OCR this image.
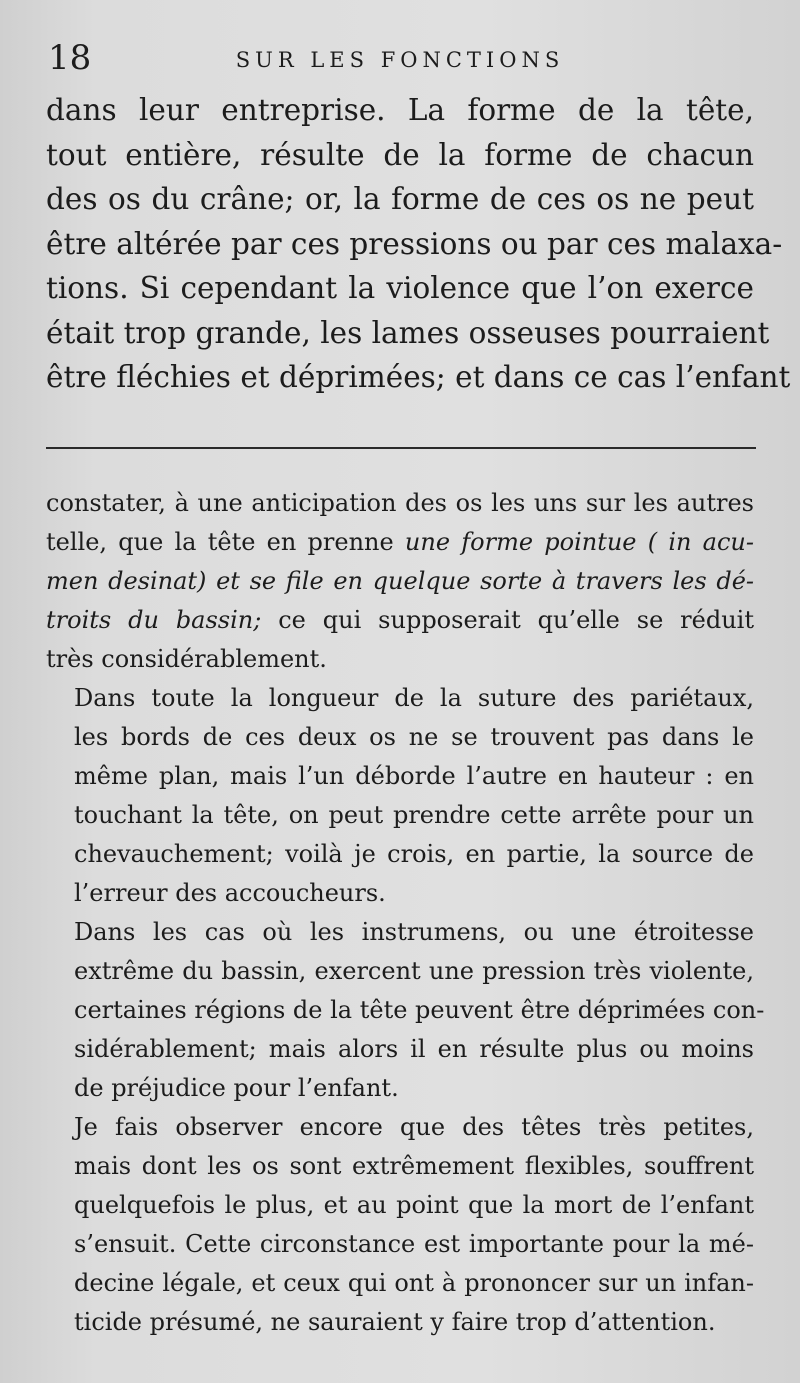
18	SUR LES FONCTIONS
dans leur entreprise. La forme de la tête,
tout entière, résulte de la forme de chacun
des os du crâne; or, la forme de ces os ne peut
être altérée par ces pressions ou par ces malaxa-
tions. Si cependant la violence que l’on exerce
était trop grande, les lames osseuses pourraient
être fléchies et déprimées; et dans ce cas l’enfant
constater, à une anticipation des os les uns sur les autres
telle, que la tête en prenne une forme pointue ( in acu-
men desinat) et se file en quelque sorte à travers les dé-
troits du bassin; ce qui supposerait qu’elle se réduit
très considérablement.
Dans toute la longueur de la suture des pariétaux,
les bords de ces deux os ne se trouvent pas dans le
même plan, mais l’un déborde l’autre en hauteur : en
touchant la tête, on peut prendre cette arrête pour un
chevauchement; voilà je crois, en partie, la source de
l’erreur des accoucheurs.
Dans les cas où les instrumens, ou une étroitesse
extrême du bassin, exercent une pression très violente,
certaines régions de la tête peuvent être déprimées con-
sidérablement; mais alors il en résulte plus ou moins
de préjudice pour l’enfant.
Je fais observer encore que des têtes très petites,
mais dont les os sont extrêmement flexibles, souffrent
quelquefois le plus, et au point que la mort de l’enfant
s’ensuit. Cette circonstance est importante pour la mé-
decine légale, et ceux qui ont à prononcer sur un infan-
ticide présumé, ne sauraient y faire trop d’attention.
